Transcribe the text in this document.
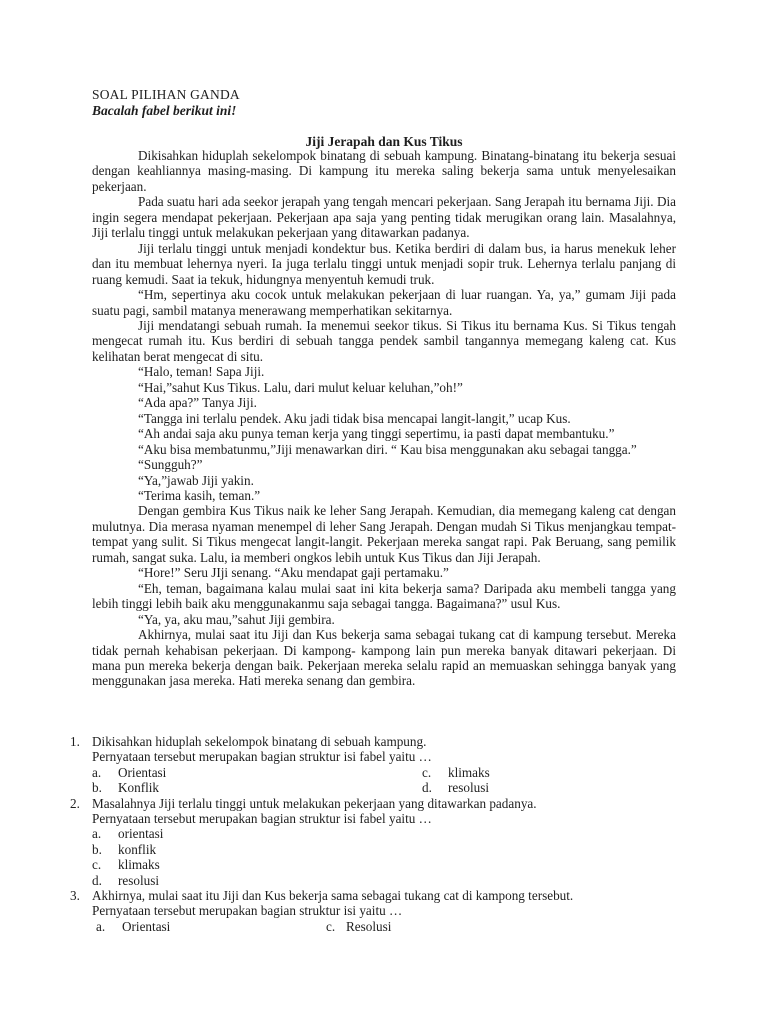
SOAL PILIHAN GANDA
Bacalah fabel berikut ini!
Jiji Jerapah dan Kus Tikus

Dikisahkan hiduplah sekelompok binatang di sebuah kampung. Binatang-binatang itu bekerja sesuai dengan keahliannya masing-masing. Di kampung itu mereka saling bekerja sama untuk menyelesaikan pekerjaan.

Pada suatu hari ada seekor jerapah yang tengah mencari pekerjaan. Sang Jerapah itu bernama Jiji. Dia ingin segera mendapat pekerjaan. Pekerjaan apa saja yang penting tidak merugikan orang lain. Masalahnya, Jiji terlalu tinggi untuk melakukan pekerjaan yang ditawarkan padanya.

Jiji terlalu tinggi untuk menjadi kondektur bus. Ketika berdiri di dalam bus, ia harus menekuk leher dan itu membuat lehernya nyeri. Ia juga terlalu tinggi untuk menjadi sopir truk. Lehernya terlalu panjang di ruang kemudi. Saat ia tekuk, hidungnya menyentuh kemudi truk.

“Hm, sepertinya aku cocok untuk melakukan pekerjaan di luar ruangan. Ya, ya,” gumam Jiji pada suatu pagi, sambil matanya menerawang memperhatikan sekitarnya.

Jiji mendatangi sebuah rumah. Ia menemui seekor tikus. Si Tikus itu bernama Kus. Si Tikus tengah mengecat rumah itu. Kus berdiri di sebuah tangga pendek sambil tangannya memegang kaleng cat. Kus kelihatan berat mengecat di situ.

“Halo, teman! Sapa Jiji.

“Hai,”sahut Kus Tikus. Lalu, dari mulut keluar keluhan,”oh!”

“Ada apa?” Tanya Jiji.

“Tangga ini terlalu pendek. Aku jadi tidak bisa mencapai langit-langit,” ucap Kus.

“Ah andai saja aku punya teman kerja yang tinggi sepertimu, ia pasti dapat membantuku.”

“Aku bisa membatunmu,”Jiji menawarkan diri. “ Kau bisa menggunakan aku sebagai tangga.”

“Sungguh?”

“Ya,”jawab Jiji yakin.

“Terima kasih, teman.”

Dengan gembira Kus Tikus naik ke leher Sang Jerapah. Kemudian, dia memegang kaleng cat dengan mulutnya. Dia merasa nyaman menempel di leher Sang Jerapah. Dengan mudah Si Tikus menjangkau tempat-tempat yang sulit. Si Tikus mengecat langit-langit. Pekerjaan mereka sangat rapi. Pak Beruang, sang pemilik rumah, sangat suka. Lalu, ia memberi ongkos lebih untuk Kus Tikus dan Jiji Jerapah.

“Hore!” Seru JIji senang. “Aku mendapat gaji pertamaku.”

“Eh, teman, bagaimana kalau mulai saat ini kita bekerja sama? Daripada aku membeli tangga yang lebih tinggi lebih baik aku menggunakanmu saja sebagai tangga. Bagaimana?” usul Kus.

“Ya, ya, aku mau,”sahut Jiji gembira.

Akhirnya, mulai saat itu Jiji dan Kus bekerja sama sebagai tukang cat di kampung tersebut. Mereka tidak pernah kehabisan pekerjaan. Di kampong- kampong lain pun mereka banyak ditawari pekerjaan. Di mana pun mereka bekerja dengan baik. Pekerjaan mereka selalu rapid an memuaskan sehingga banyak yang menggunakan jasa mereka. Hati mereka senang dan gembira.

1. Dikisahkan hiduplah sekelompok binatang di sebuah kampung.
Pernyataan tersebut merupakan bagian struktur isi fabel yaitu …
a.	Orientasi	c.	klimaks
b.	Konflik	d.	resolusi
2. Masalahnya Jiji terlalu tinggi untuk melakukan pekerjaan yang ditawarkan padanya.
Pernyataan tersebut merupakan bagian struktur isi fabel yaitu …
a.	orientasi
b.	konflik
c.	klimaks
d.	resolusi
3. Akhirnya, mulai saat itu Jiji dan Kus bekerja sama sebagai tukang cat di kampong tersebut.
Pernyataan tersebut merupakan bagian struktur isi yaitu …
a.	Orientasi	c. Resolusi
